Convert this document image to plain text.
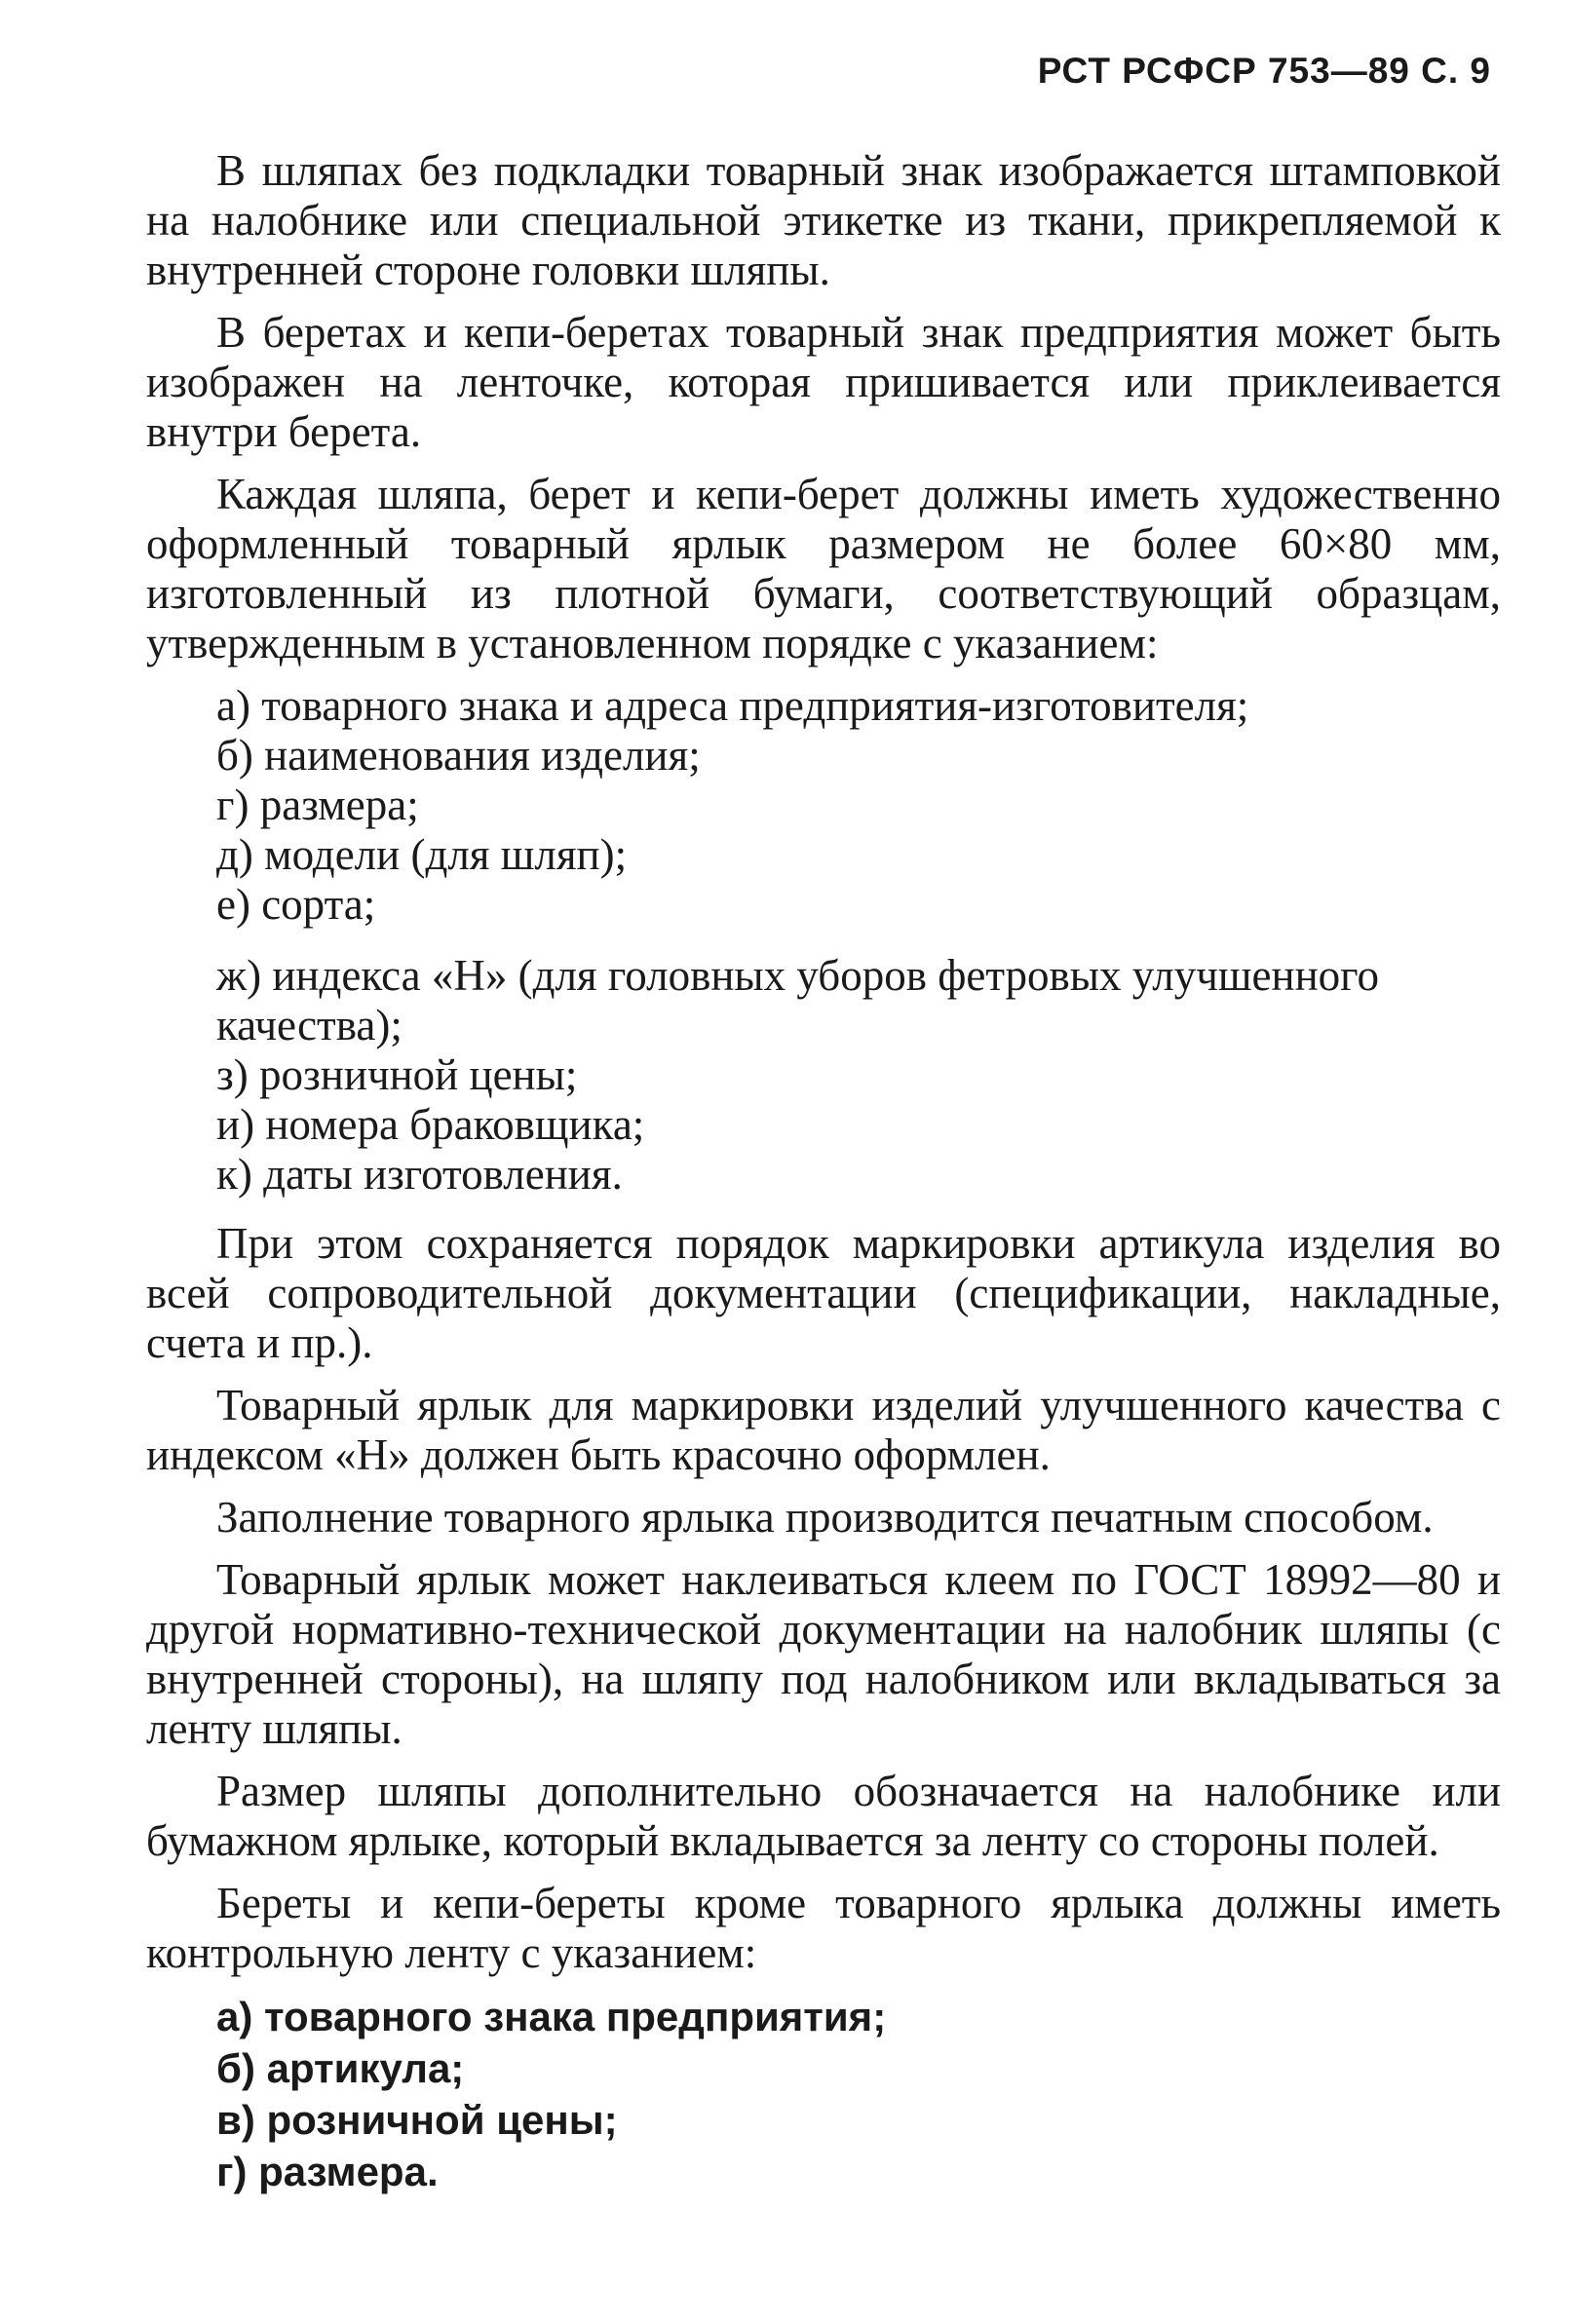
РСТ РСФСР 753—89 С. 9

В шляпах без подкладки товарный знак изображается штамповкой на налобнике или специальной этикетке из ткани, прикрепляемой к внутренней стороне головки шляпы.

В беретах и кепи-беретах товарный знак предприятия может быть изображен на ленточке, которая пришивается или приклеивается внутри берета.

Каждая шляпа, берет и кепи-берет должны иметь художественно оформленный товарный ярлык размером не более 60×80 мм, изготовленный из плотной бумаги, соответствующий образцам, утвержденным в установленном порядке с указанием:

а) товарного знака и адреса предприятия-изготовителя;
б) наименования изделия;
г) размера;
д) модели (для шляп);
е) сорта;
ж) индекса «Н» (для головных уборов фетровых улучшенного качества);
з) розничной цены;
и) номера браковщика;
к) даты изготовления.

При этом сохраняется порядок маркировки артикула изделия во всей сопроводительной документации (спецификации, накладные, счета и пр.).

Товарный ярлык для маркировки изделий улучшенного качества с индексом «Н» должен быть красочно оформлен.

Заполнение товарного ярлыка производится печатным способом.

Товарный ярлык может наклеиваться клеем по ГОСТ 18992—80 и другой нормативно-технической документации на налобник шляпы (с внутренней стороны), на шляпу под налобником или вкладываться за ленту шляпы.

Размер шляпы дополнительно обозначается на налобнике или бумажном ярлыке, который вкладывается за ленту со стороны полей.

Береты и кепи-береты кроме товарного ярлыка должны иметь контрольную ленту с указанием:

а) товарного знака предприятия;
б) артикула;
в) розничной цены;
г) размера.
